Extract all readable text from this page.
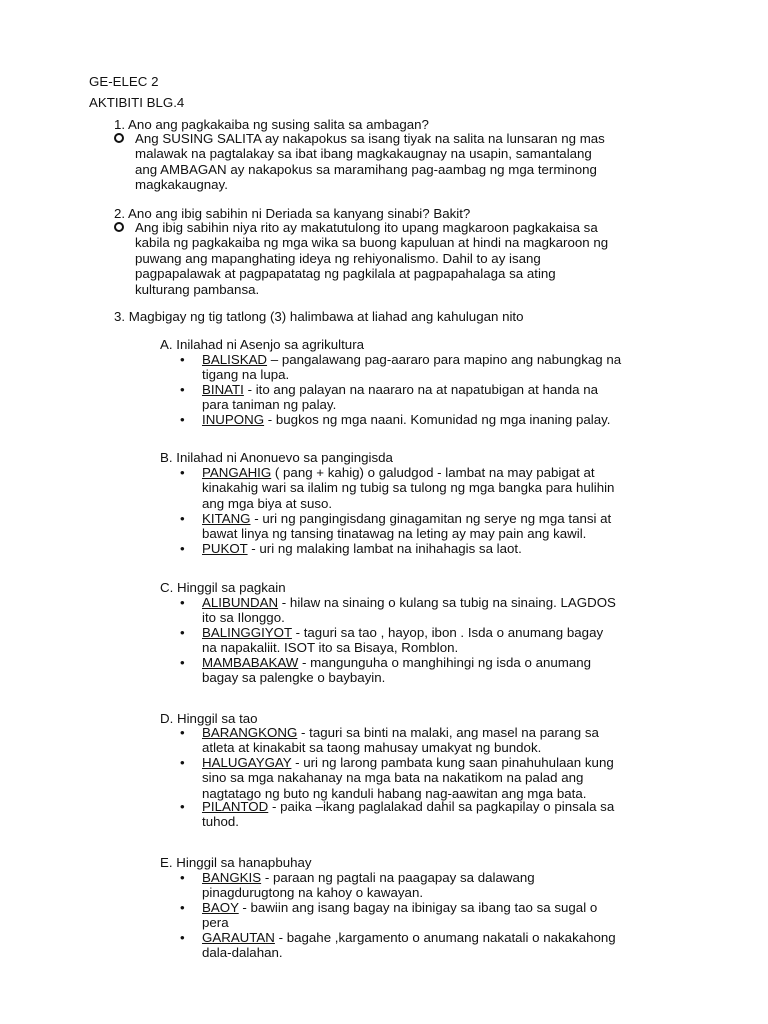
GE-ELEC 2
AKTIBITI BLG.4
1. Ano ang pagkakaiba ng susing salita sa ambagan?
Ang SUSING SALITA ay nakapokus sa isang tiyak na salita na lunsaran ng mas
malawak na pagtalakay sa ibat ibang magkakaugnay na usapin, samantalang
ang AMBAGAN ay nakapokus sa maramihang pag-aambag ng mga terminong
magkakaugnay.
2. Ano ang ibig sabihin ni Deriada sa kanyang sinabi? Bakit?
Ang ibig sabihin niya rito ay makatutulong ito upang magkaroon pagkakaisa sa
kabila ng pagkakaiba ng mga wika sa buong kapuluan at hindi na magkaroon ng
puwang ang mapanghating ideya ng rehiyonalismo. Dahil to ay isang
pagpapalawak at pagpapatatag ng pagkilala at pagpapahalaga sa ating
kulturang pambansa.
3. Magbigay ng tig tatlong (3) halimbawa at liahad ang kahulugan nito
A. Inilahad ni Asenjo sa agrikultura
• BALISKAD – pangalawang pag-aararo para mapino ang nabungkag na
tigang na lupa.
• BINATI - ito ang palayan na naararo na at napatubigan at handa na
para taniman ng palay.
• INUPONG - bugkos ng mga naani. Komunidad ng mga inaning palay.
B. Inilahad ni Anonuevo sa pangingisda
• PANGAHIG ( pang + kahig) o galudgod - lambat na may pabigat at
kinakahig wari sa ilalim ng tubig sa tulong ng mga bangka para hulihin
ang mga biya at suso.
• KITANG - uri ng pangingisdang ginagamitan ng serye ng mga tansi at
bawat linya ng tansing tinatawag na leting ay may pain ang kawil.
• PUKOT - uri ng malaking lambat na inihahagis sa laot.
C. Hinggil sa pagkain
• ALIBUNDAN - hilaw na sinaing o kulang sa tubig na sinaing. LAGDOS
ito sa Ilonggo.
• BALINGGIYOT - taguri sa tao , hayop, ibon . Isda o anumang bagay
na napakaliit. ISOT ito sa Bisaya, Romblon.
• MAMBABAKAW - mangunguha o manghihingi ng isda o anumang
bagay sa palengke o baybayin.
D. Hinggil sa tao
• BARANGKONG - taguri sa binti na malaki, ang masel na parang sa
atleta at kinakabit sa taong mahusay umakyat ng bundok.
• HALUGAYGAY - uri ng larong pambata kung saan pinahuhulaan kung
sino sa mga nakahanay na mga bata na nakatikom na palad ang
nagtatago ng buto ng kanduli habang nag-aawitan ang mga bata.
• PILANTOD - paika –ikang paglalakad dahil sa pagkapilay o pinsala sa
tuhod.
E. Hinggil sa hanapbuhay
• BANGKIS - paraan ng pagtali na paagapay sa dalawang
pinagdurugtong na kahoy o kawayan.
• BAOY - bawiin ang isang bagay na ibinigay sa ibang tao sa sugal o
pera
• GARAUTAN - bagahe ,kargamento o anumang nakatali o nakakahong
dala-dalahan.
